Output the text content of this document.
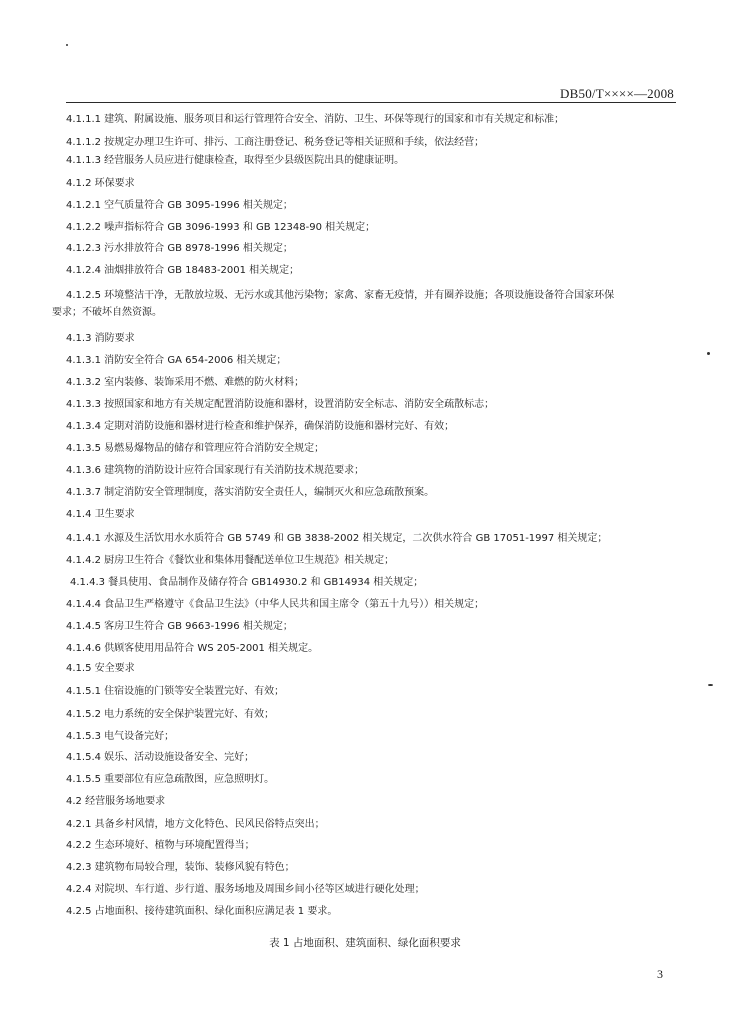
DB50/T××××—2008
4.1.1.1 建筑、附属设施、服务项目和运行管理符合安全、消防、卫生、环保等现行的国家和市有关规定和标准；
4.1.1.2 按规定办理卫生许可、排污、工商注册登记、税务登记等相关证照和手续，依法经营；
4.1.1.3 经营服务人员应进行健康检查，取得至少县级医院出具的健康证明。
4.1.2 环保要求
4.1.2.1 空气质量符合 GB 3095-1996 相关规定；
4.1.2.2 噪声指标符合 GB 3096-1993 和 GB 12348-90 相关规定；
4.1.2.3 污水排放符合 GB 8978-1996 相关规定；
4.1.2.4 油烟排放符合 GB 18483-2001 相关规定；
4.1.2.5 环境整洁干净，无散放垃圾、无污水或其他污染物；家禽、家畜无疫情，并有圈养设施；各项设施设备符合国家环保
要求；不破坏自然资源。
4.1.3 消防要求
4.1.3.1 消防安全符合 GA 654-2006 相关规定；
4.1.3.2 室内装修、装饰采用不燃、难燃的防火材料；
4.1.3.3 按照国家和地方有关规定配置消防设施和器材，设置消防安全标志、消防安全疏散标志；
4.1.3.4 定期对消防设施和器材进行检查和维护保养，确保消防设施和器材完好、有效；
4.1.3.5 易燃易爆物品的储存和管理应符合消防安全规定；
4.1.3.6 建筑物的消防设计应符合国家现行有关消防技术规范要求；
4.1.3.7 制定消防安全管理制度，落实消防安全责任人，编制灭火和应急疏散预案。
4.1.4 卫生要求
4.1.4.1 水源及生活饮用水水质符合 GB 5749 和 GB 3838-2002 相关规定，二次供水符合 GB 17051-1997 相关规定；
4.1.4.2 厨房卫生符合《餐饮业和集体用餐配送单位卫生规范》相关规定；
4.1.4.3 餐具使用、食品制作及储存符合 GB14930.2 和 GB14934 相关规定；
4.1.4.4 食品卫生严格遵守《食品卫生法》（中华人民共和国主席令（第五十九号））相关规定；
4.1.4.5 客房卫生符合 GB 9663-1996 相关规定；
4.1.4.6 供顾客使用用品符合 WS 205-2001 相关规定。
4.1.5 安全要求
4.1.5.1 住宿设施的门锁等安全装置完好、有效；
4.1.5.2 电力系统的安全保护装置完好、有效；
4.1.5.3 电气设备完好；
4.1.5.4 娱乐、活动设施设备安全、完好；
4.1.5.5 重要部位有应急疏散图，应急照明灯。
4.2 经营服务场地要求
4.2.1 具备乡村风情，地方文化特色、民风民俗特点突出；
4.2.2 生态环境好、植物与环境配置得当；
4.2.3 建筑物布局较合理，装饰、装修风貌有特色；
4.2.4 对院坝、车行道、步行道、服务场地及周围乡间小径等区域进行硬化处理；
4.2.5 占地面积、接待建筑面积、绿化面积应满足表 1 要求。
表 1 占地面积、建筑面积、绿化面积要求
3
